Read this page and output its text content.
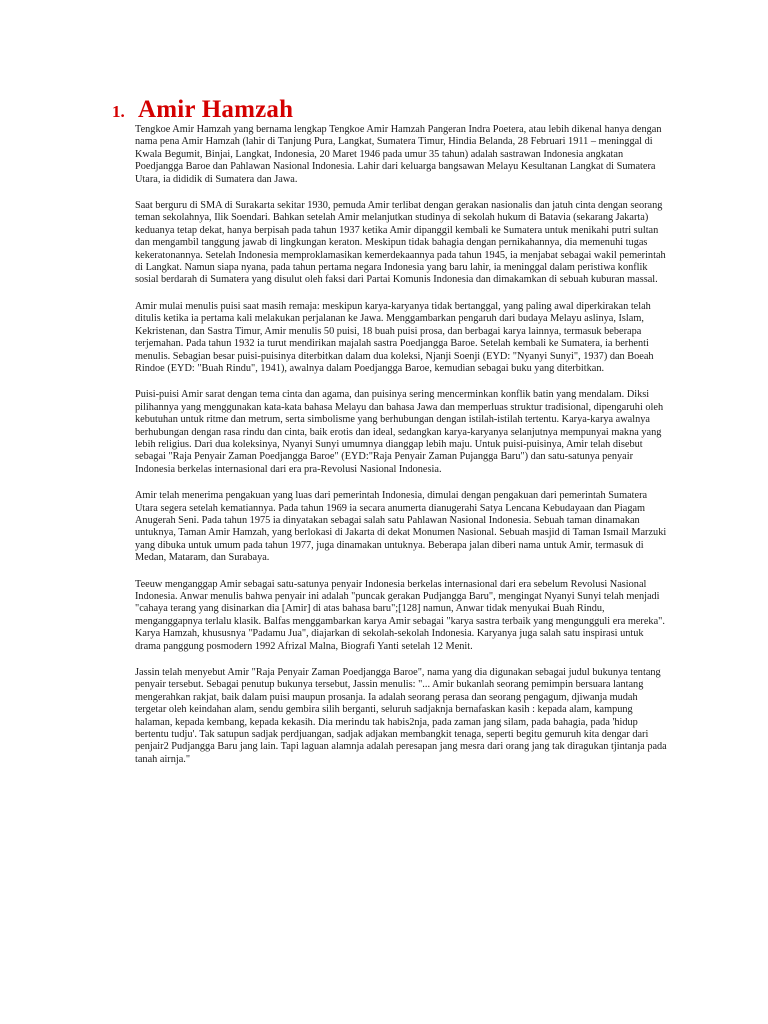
1. Amir Hamzah

Tengkoe Amir Hamzah yang bernama lengkap Tengkoe Amir Hamzah Pangeran Indra Poetera, atau lebih dikenal hanya dengan nama pena Amir Hamzah (lahir di Tanjung Pura, Langkat, Sumatera Timur, Hindia Belanda, 28 Februari 1911 – meninggal di Kwala Begumit, Binjai, Langkat, Indonesia, 20 Maret 1946 pada umur 35 tahun) adalah sastrawan Indonesia angkatan Poedjangga Baroe dan Pahlawan Nasional Indonesia. Lahir dari keluarga bangsawan Melayu Kesultanan Langkat di Sumatera Utara, ia dididik di Sumatera dan Jawa.

Saat berguru di SMA di Surakarta sekitar 1930, pemuda Amir terlibat dengan gerakan nasionalis dan jatuh cinta dengan seorang teman sekolahnya, Ilik Soendari. Bahkan setelah Amir melanjutkan studinya di sekolah hukum di Batavia (sekarang Jakarta) keduanya tetap dekat, hanya berpisah pada tahun 1937 ketika Amir dipanggil kembali ke Sumatera untuk menikahi putri sultan dan mengambil tanggung jawab di lingkungan keraton. Meskipun tidak bahagia dengan pernikahannya, dia memenuhi tugas kekeratonannya. Setelah Indonesia memproklamasikan kemerdekaannya pada tahun 1945, ia menjabat sebagai wakil pemerintah di Langkat. Namun siapa nyana, pada tahun pertama negara Indonesia yang baru lahir, ia meninggal dalam peristiwa konflik sosial berdarah di Sumatera yang disulut oleh faksi dari Partai Komunis Indonesia dan dimakamkan di sebuah kuburan massal.

Amir mulai menulis puisi saat masih remaja: meskipun karya-karyanya tidak bertanggal, yang paling awal diperkirakan telah ditulis ketika ia pertama kali melakukan perjalanan ke Jawa. Menggambarkan pengaruh dari budaya Melayu aslinya, Islam, Kekristenan, dan Sastra Timur, Amir menulis 50 puisi, 18 buah puisi prosa, dan berbagai karya lainnya, termasuk beberapa terjemahan. Pada tahun 1932 ia turut mendirikan majalah sastra Poedjangga Baroe. Setelah kembali ke Sumatera, ia berhenti menulis. Sebagian besar puisi-puisinya diterbitkan dalam dua koleksi, Njanji Soenji (EYD: "Nyanyi Sunyi", 1937) dan Boeah Rindoe (EYD: "Buah Rindu", 1941), awalnya dalam Poedjangga Baroe, kemudian sebagai buku yang diterbitkan.

Puisi-puisi Amir sarat dengan tema cinta dan agama, dan puisinya sering mencerminkan konflik batin yang mendalam. Diksi pilihannya yang menggunakan kata-kata bahasa Melayu dan bahasa Jawa dan memperluas struktur tradisional, dipengaruhi oleh kebutuhan untuk ritme dan metrum, serta simbolisme yang berhubungan dengan istilah-istilah tertentu. Karya-karya awalnya berhubungan dengan rasa rindu dan cinta, baik erotis dan ideal, sedangkan karya-karyanya selanjutnya mempunyai makna yang lebih religius. Dari dua koleksinya, Nyanyi Sunyi umumnya dianggap lebih maju. Untuk puisi-puisinya, Amir telah disebut sebagai "Raja Penyair Zaman Poedjangga Baroe" (EYD:"Raja Penyair Zaman Pujangga Baru") dan satu-satunya penyair Indonesia berkelas internasional dari era pra-Revolusi Nasional Indonesia.

Amir telah menerima pengakuan yang luas dari pemerintah Indonesia, dimulai dengan pengakuan dari pemerintah Sumatera Utara segera setelah kematiannya. Pada tahun 1969 ia secara anumerta dianugerahi Satya Lencana Kebudayaan dan Piagam Anugerah Seni. Pada tahun 1975 ia dinyatakan sebagai salah satu Pahlawan Nasional Indonesia. Sebuah taman dinamakan untuknya, Taman Amir Hamzah, yang berlokasi di Jakarta di dekat Monumen Nasional. Sebuah masjid di Taman Ismail Marzuki yang dibuka untuk umum pada tahun 1977, juga dinamakan untuknya. Beberapa jalan diberi nama untuk Amir, termasuk di Medan, Mataram, dan Surabaya.

Teeuw menganggap Amir sebagai satu-satunya penyair Indonesia berkelas internasional dari era sebelum Revolusi Nasional Indonesia. Anwar menulis bahwa penyair ini adalah "puncak gerakan Pudjangga Baru", mengingat Nyanyi Sunyi telah menjadi "cahaya terang yang disinarkan dia [Amir] di atas bahasa baru";[128] namun, Anwar tidak menyukai Buah Rindu, menganggapnya terlalu klasik. Balfas menggambarkan karya Amir sebagai "karya sastra terbaik yang mengungguli era mereka". Karya Hamzah, khususnya "Padamu Jua", diajarkan di sekolah-sekolah Indonesia. Karyanya juga salah satu inspirasi untuk drama panggung posmodern 1992 Afrizal Malna, Biografi Yanti setelah 12 Menit.

Jassin telah menyebut Amir "Raja Penyair Zaman Poedjangga Baroe", nama yang dia digunakan sebagai judul bukunya tentang penyair tersebut. Sebagai penutup bukunya tersebut, Jassin menulis: "... Amir bukanlah seorang pemimpin bersuara lantang mengerahkan rakjat, baik dalam puisi maupun prosanja. Ia adalah seorang perasa dan seorang pengagum, djiwanja mudah tergetar oleh keindahan alam, sendu gembira silih berganti, seluruh sadjaknja bernafaskan kasih : kepada alam, kampung halaman, kepada kembang, kepada kekasih. Dia merindu tak habis2nja, pada zaman jang silam, pada bahagia, pada 'hidup bertentu tudju'. Tak satupun sadjak perdjuangan, sadjak adjakan membangkit tenaga, seperti begitu gemuruh kita dengar dari penjair2 Pudjangga Baru jang lain. Tapi laguan alamnja adalah peresapan jang mesra dari orang jang tak diragukan tjintanja pada tanah airnja."
